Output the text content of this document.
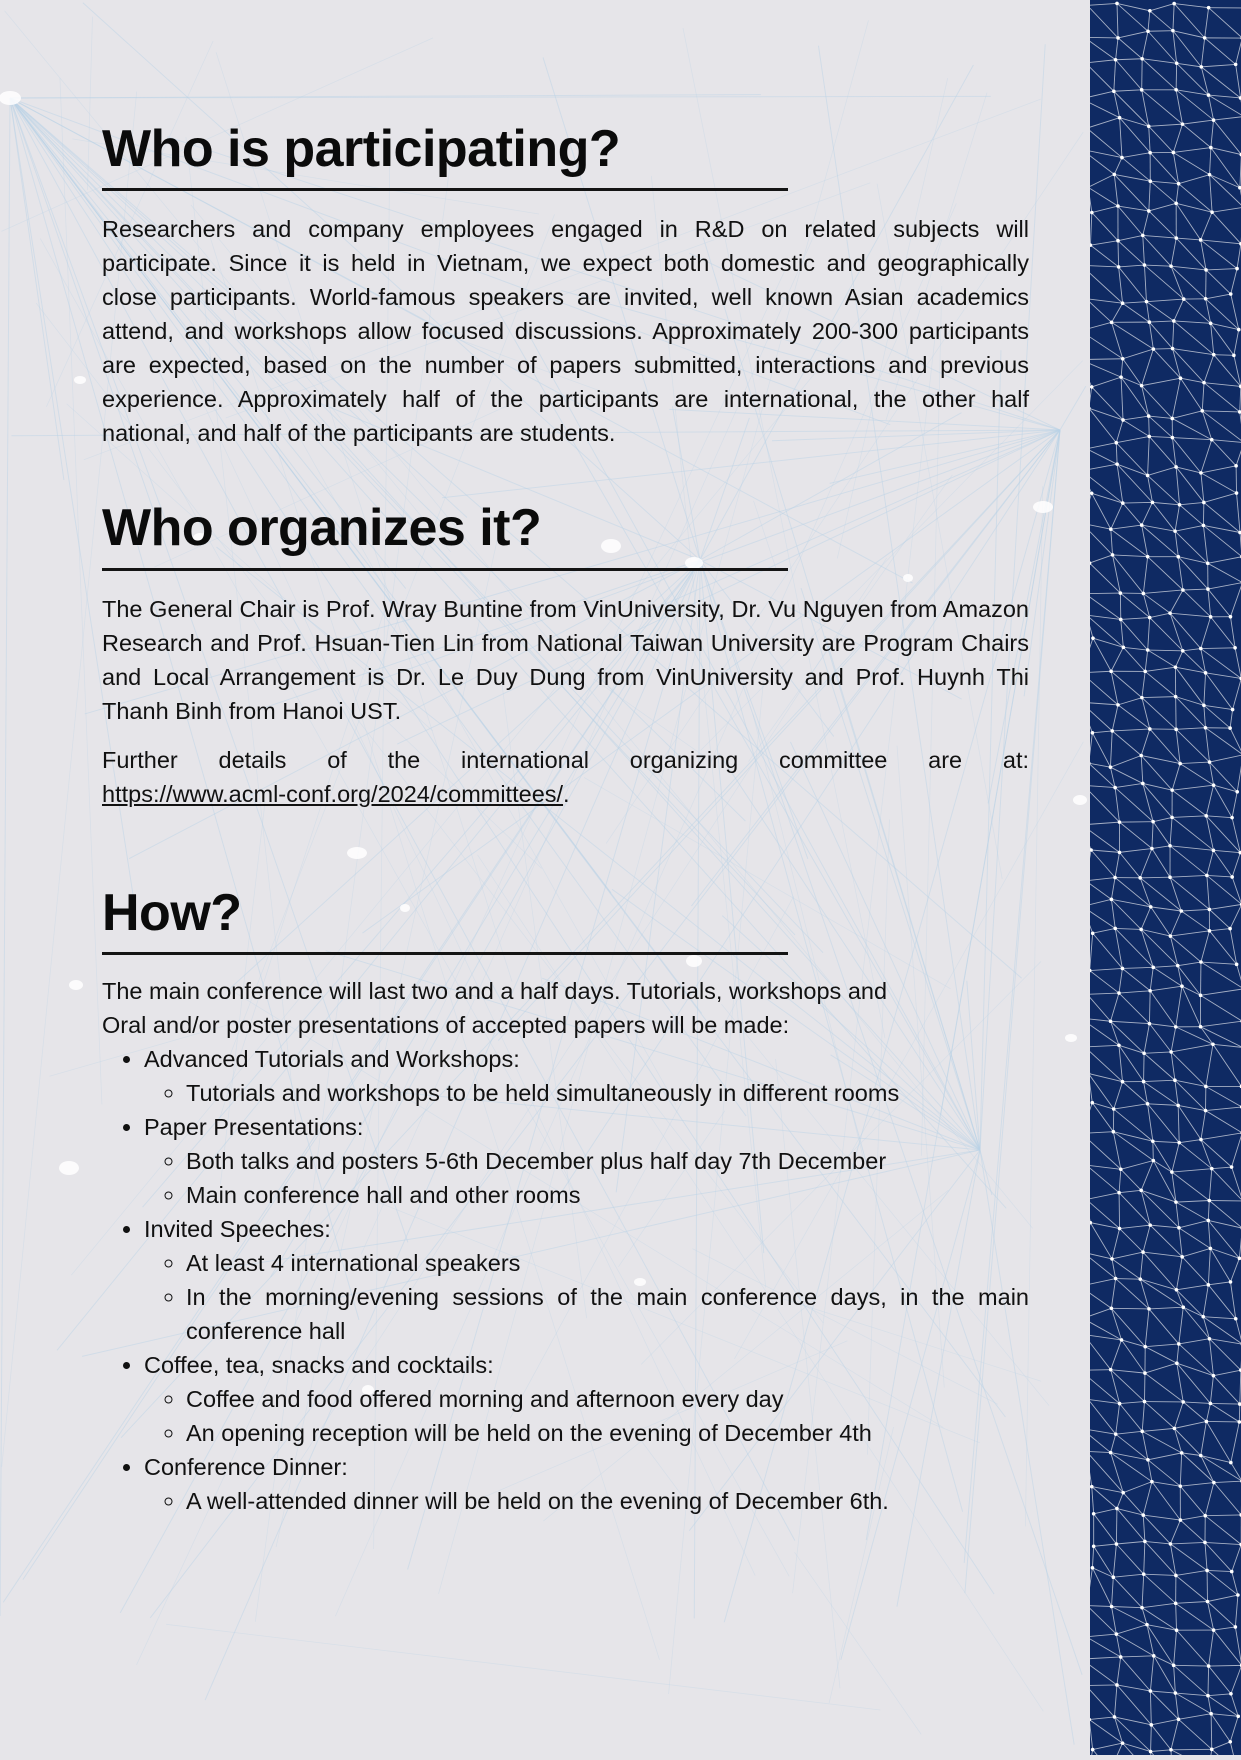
Who is participating?

Researchers and company employees engaged in R&D on related subjects will participate. Since it is held in Vietnam, we expect both domestic and geographically close participants. World-famous speakers are invited, well known Asian academics attend, and workshops allow focused discussions. Approximately 200-300 participants are expected, based on the number of papers submitted, interactions and previous experience. Approximately half of the participants are international, the other half national, and half of the participants are students.

Who organizes it?

The General Chair is Prof. Wray Buntine from VinUniversity, Dr. Vu Nguyen from Amazon Research and Prof. Hsuan-Tien Lin from National Taiwan University are Program Chairs and Local Arrangement is Dr. Le Duy Dung from VinUniversity and Prof. Huynh Thi Thanh Binh from Hanoi UST.

Further details of the international organizing committee are at:

https://www.acml-conf.org/2024/committees/.

How?

The main conference will last two and a half days. Tutorials, workshops and
Oral and/or poster presentations of accepted papers will be made:

• Advanced Tutorials and Workshops:
◦ Tutorials and workshops to be held simultaneously in different rooms
• Paper Presentations:
◦ Both talks and posters 5-6th December plus half day 7th December
◦ Main conference hall and other rooms
• Invited Speeches:
◦ At least 4 international speakers
◦ In the morning/evening sessions of the main conference days, in the main conference hall
• Coffee, tea, snacks and cocktails:
◦ Coffee and food offered morning and afternoon every day
◦ An opening reception will be held on the evening of December 4th
• Conference Dinner:
◦ A well-attended dinner will be held on the evening of December 6th.
